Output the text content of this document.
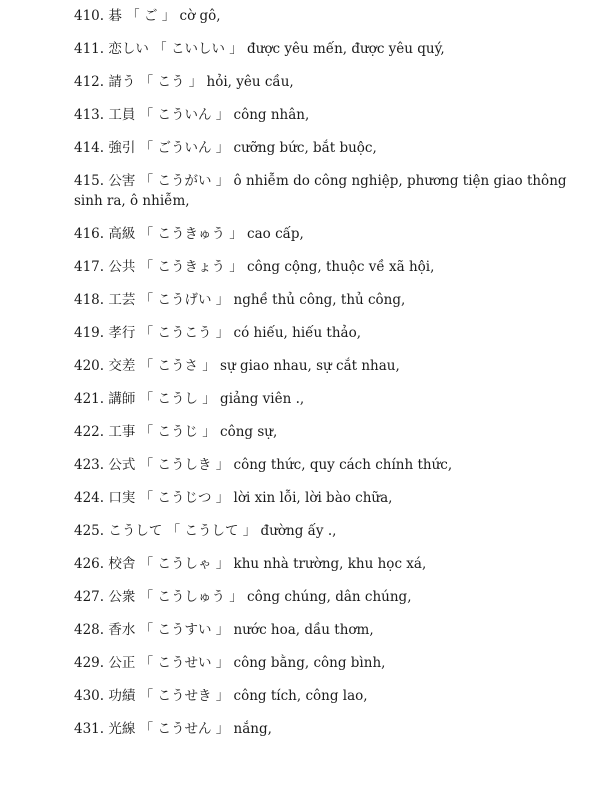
410. 碁 「 ご 」 cờ gô,
411. 恋しい 「 こいしい 」 được yêu mến, được yêu quý,
412. 請う 「 こう 」 hỏi, yêu cầu,
413. 工員 「 こういん 」 công nhân,
414. 強引 「 ごういん 」 cưỡng bức, bắt buộc,
415. 公害 「 こうがい 」 ô nhiễm do công nghiệp, phương tiện giao thông sinh ra, ô nhiễm,
416. 高級 「 こうきゅう 」 cao cấp,
417. 公共 「 こうきょう 」 công cộng, thuộc về xã hội,
418. 工芸 「 こうげい 」 nghề thủ công, thủ công,
419. 孝行 「 こうこう 」 có hiếu, hiếu thảo,
420. 交差 「 こうさ 」 sự giao nhau, sự cắt nhau,
421. 講師 「 こうし 」 giảng viên .,
422. 工事 「 こうじ 」 công sự,
423. 公式 「 こうしき 」 công thức, quy cách chính thức,
424. 口実 「 こうじつ 」 lời xin lỗi, lời bào chữa,
425. こうして 「 こうして 」 đường ấy .,
426. 校舎 「 こうしゃ 」 khu nhà trường, khu học xá,
427. 公衆 「 こうしゅう 」 công chúng, dân chúng,
428. 香水 「 こうすい 」 nước hoa, dầu thơm,
429. 公正 「 こうせい 」 công bằng, công bình,
430. 功績 「 こうせき 」 công tích, công lao,
431. 光線 「 こうせん 」 nắng,
